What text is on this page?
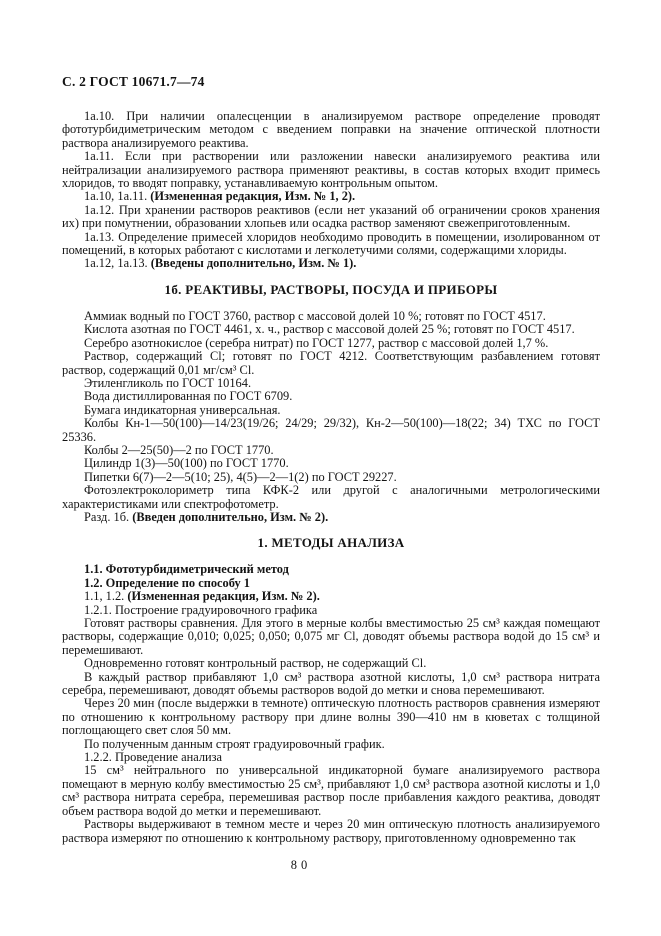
С. 2 ГОСТ 10671.7—74

1а.10. При наличии опалесценции в анализируемом растворе определение проводят фототурбидиметрическим методом с введением поправки на значение оптической плотности раствора анализируемого реактива.

1а.11. Если при растворении или разложении навески анализируемого реактива или нейтрализации анализируемого раствора применяют реактивы, в состав которых входит примесь хлоридов, то вводят поправку, устанавливаемую контрольным опытом.

1а.10, 1а.11. (Измененная редакция, Изм. № 1, 2).

1а.12. При хранении растворов реактивов (если нет указаний об ограничении сроков хранения их) при помутнении, образовании хлопьев или осадка раствор заменяют свежеприготовленным.

1а.13. Определение примесей хлоридов необходимо проводить в помещении, изолированном от помещений, в которых работают с кислотами и легколетучими солями, содержащими хлориды.

1а.12, 1а.13. (Введены дополнительно, Изм. № 1).

1б. РЕАКТИВЫ, РАСТВОРЫ, ПОСУДА И ПРИБОРЫ

Аммиак водный по ГОСТ 3760, раствор с массовой долей 10 %; готовят по ГОСТ 4517.

Кислота азотная по ГОСТ 4461, х. ч., раствор с массовой долей 25 %; готовят по ГОСТ 4517.

Серебро азотнокислое (серебра нитрат) по ГОСТ 1277, раствор с массовой долей 1,7 %.

Раствор, содержащий Cl; готовят по ГОСТ 4212. Соответствующим разбавлением готовят раствор, содержащий 0,01 мг/см³ Cl.

Этиленгликоль по ГОСТ 10164.

Вода дистиллированная по ГОСТ 6709.

Бумага индикаторная универсальная.

Колбы Кн-1—50(100)—14/23(19/26; 24/29; 29/32), Кн-2—50(100)—18(22; 34) ТХС по ГОСТ 25336.

Колбы 2—25(50)—2 по ГОСТ 1770.

Цилиндр 1(3)—50(100) по ГОСТ 1770.

Пипетки 6(7)—2—5(10; 25), 4(5)—2—1(2) по ГОСТ 29227.

Фотоэлектроколориметр типа КФК-2 или другой с аналогичными метрологическими характеристиками или спектрофотометр.

Разд. 1б. (Введен дополнительно, Изм. № 2).

1. МЕТОДЫ АНАЛИЗА

1.1. Фототурбидиметрический метод

1.2. Определение по способу 1

1.1, 1.2. (Измененная редакция, Изм. № 2).

1.2.1. Построение градуировочного графика

Готовят растворы сравнения. Для этого в мерные колбы вместимостью 25 см³ каждая помещают растворы, содержащие 0,010; 0,025; 0,050; 0,075 мг Cl, доводят объемы раствора водой до 15 см³ и перемешивают.

Одновременно готовят контрольный раствор, не содержащий Cl.

В каждый раствор прибавляют 1,0 см³ раствора азотной кислоты, 1,0 см³ раствора нитрата серебра, перемешивают, доводят объемы растворов водой до метки и снова перемешивают.

Через 20 мин (после выдержки в темноте) оптическую плотность растворов сравнения измеряют по отношению к контрольному раствору при длине волны 390—410 нм в кюветах с толщиной поглощающего свет слоя 50 мм.

По полученным данным строят градуировочный график.

1.2.2. Проведение анализа

15 см³ нейтрального по универсальной индикаторной бумаге анализируемого раствора помещают в мерную колбу вместимостью 25 см³, прибавляют 1,0 см³ раствора азотной кислоты и 1,0 см³ раствора нитрата серебра, перемешивая раствор после прибавления каждого реактива, доводят объем раствора водой до метки и перемешивают.

Растворы выдерживают в темном месте и через 20 мин оптическую плотность анализируемого раствора измеряют по отношению к контрольному раствору, приготовленному одновременно так

80
